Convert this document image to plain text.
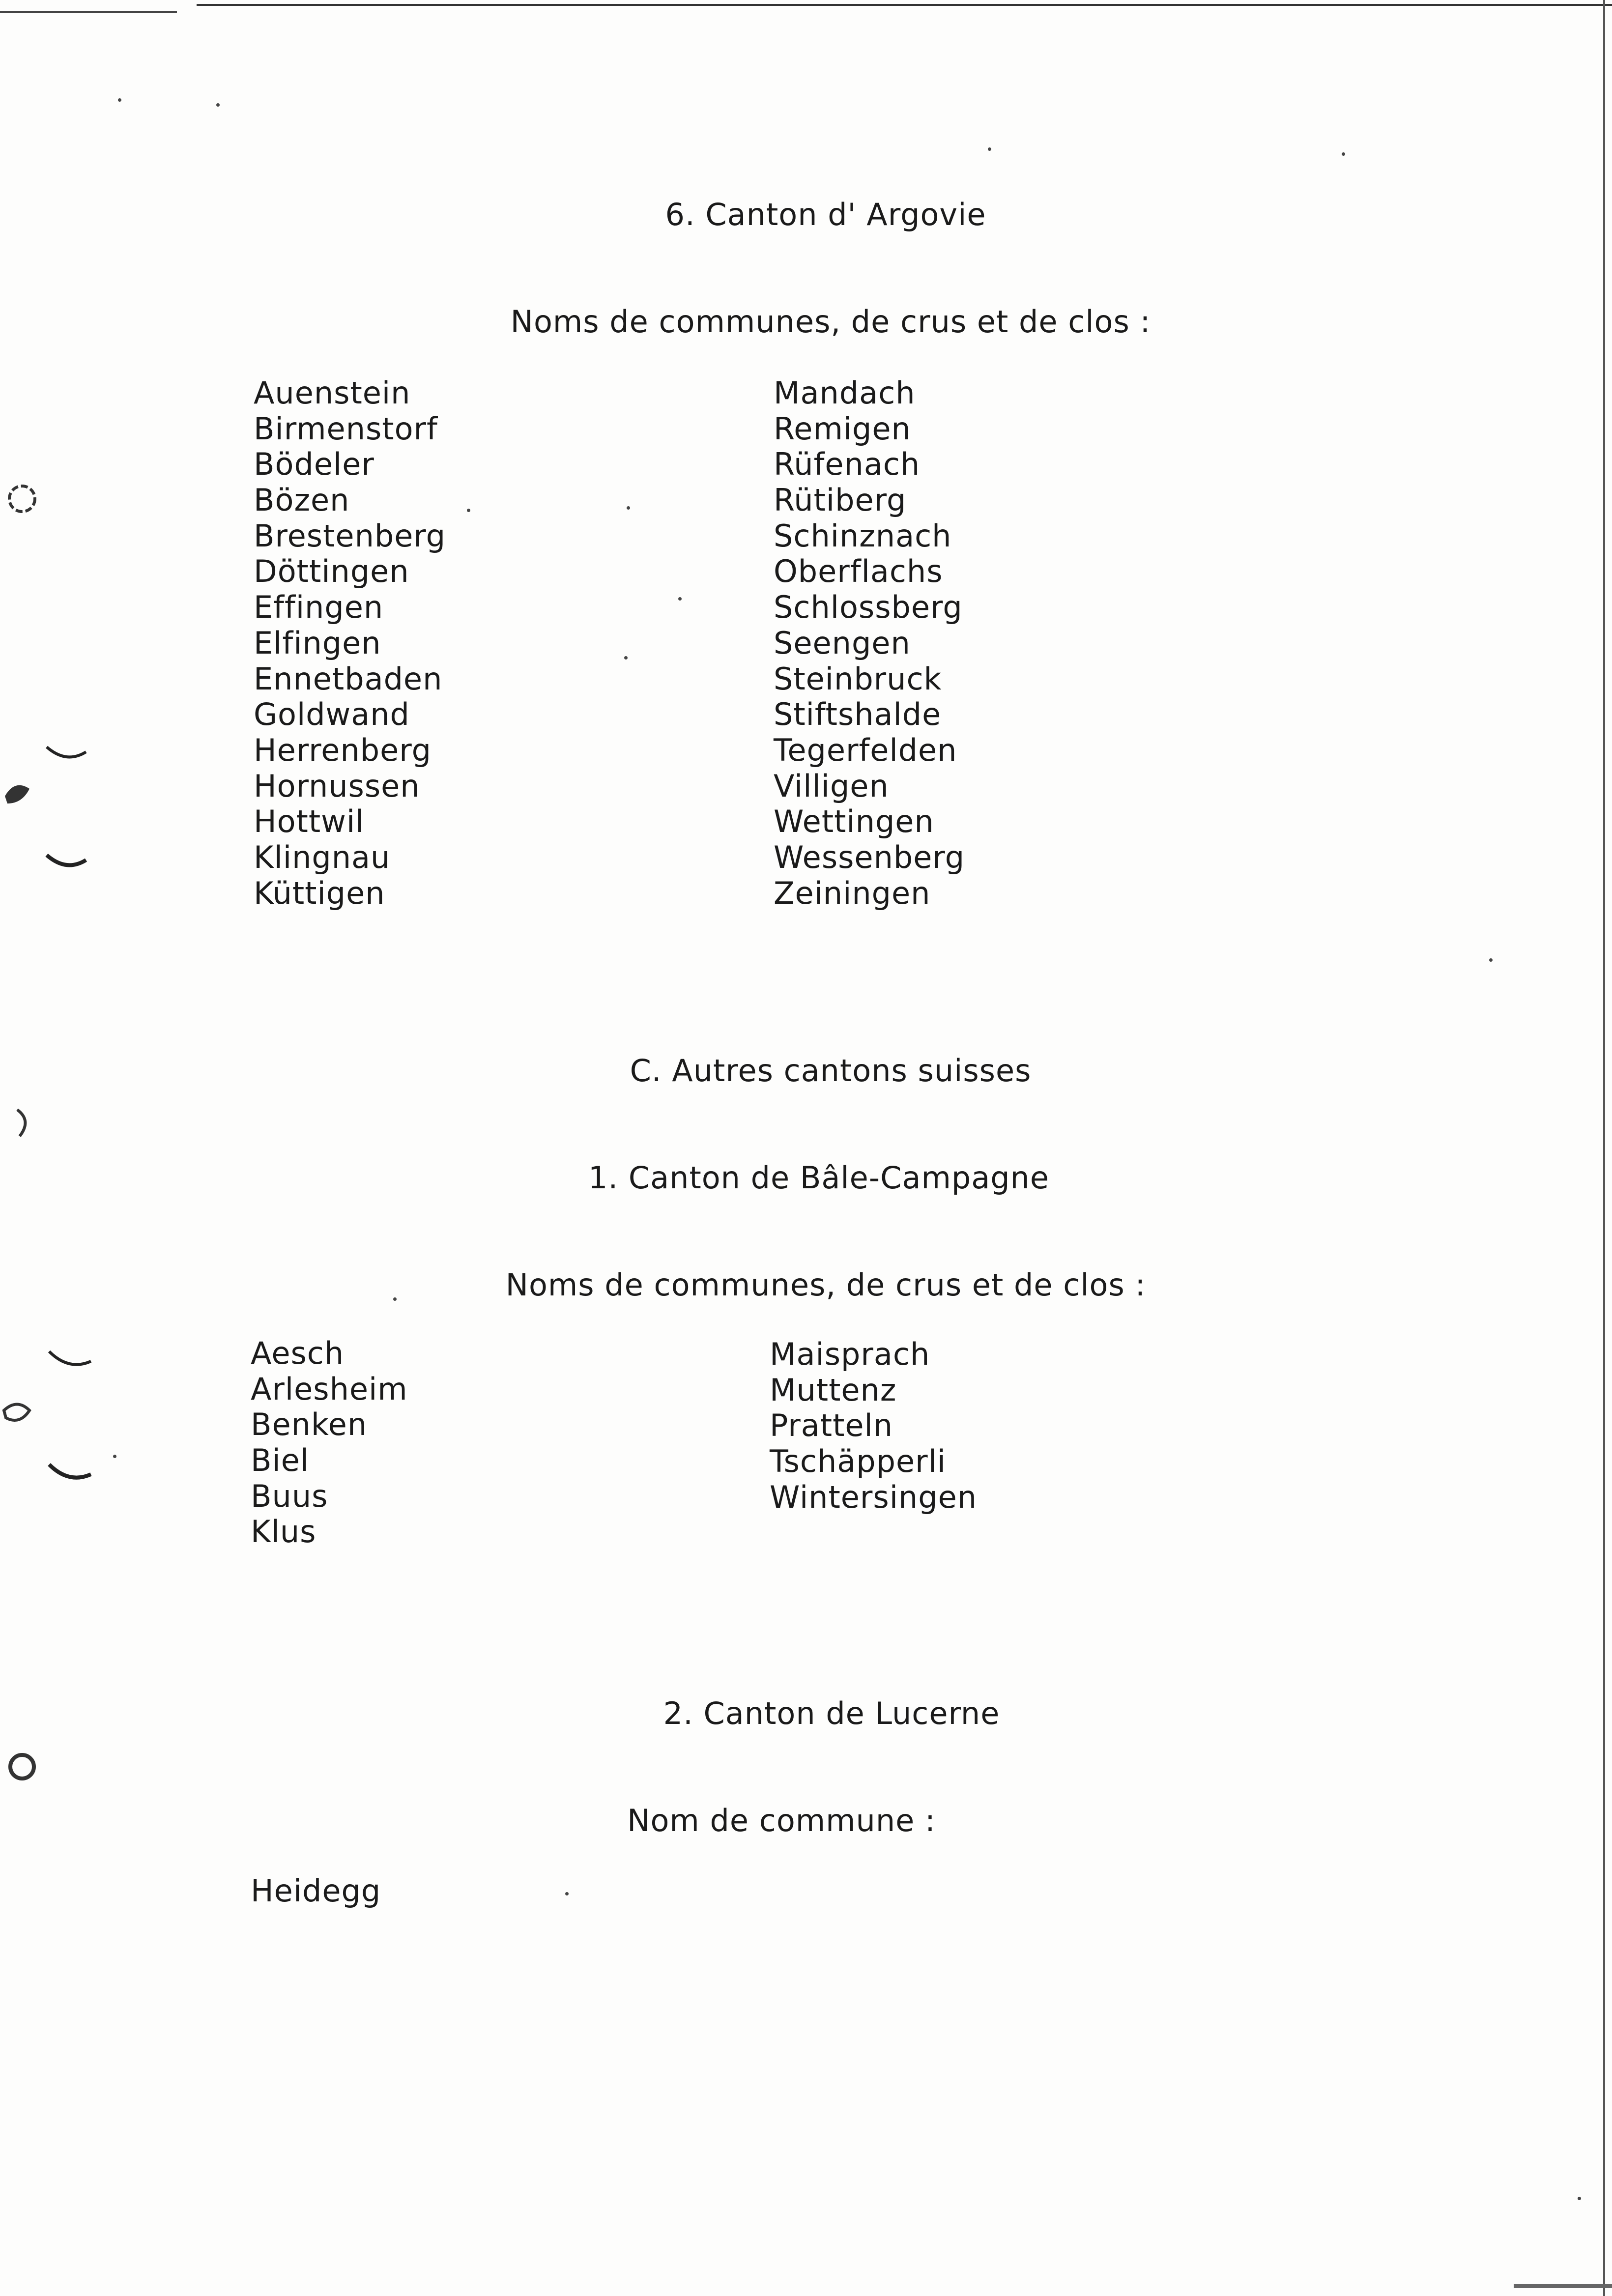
6. Canton d' Argovie
Noms de communes, de crus et de clos :
Auenstein
Birmenstorf
Bödeler
Bözen
Brestenberg
Döttingen
Effingen
Elfingen
Ennetbaden
Goldwand
Herrenberg
Hornussen
Hottwil
Klingnau
Küttigen
Mandach
Remigen
Rüfenach
Rütiberg
Schinznach
Oberflachs
Schlossberg
Seengen
Steinbruck
Stiftshalde
Tegerfelden
Villigen
Wettingen
Wessenberg
Zeiningen
C. Autres cantons suisses
1. Canton de Bâle-Campagne
Noms de communes, de crus et de clos :
Aesch
Arlesheim
Benken
Biel
Buus
Klus
Maisprach
Muttenz
Pratteln
Tschäpperli
Wintersingen
2. Canton de Lucerne
Nom de commune :
Heidegg
